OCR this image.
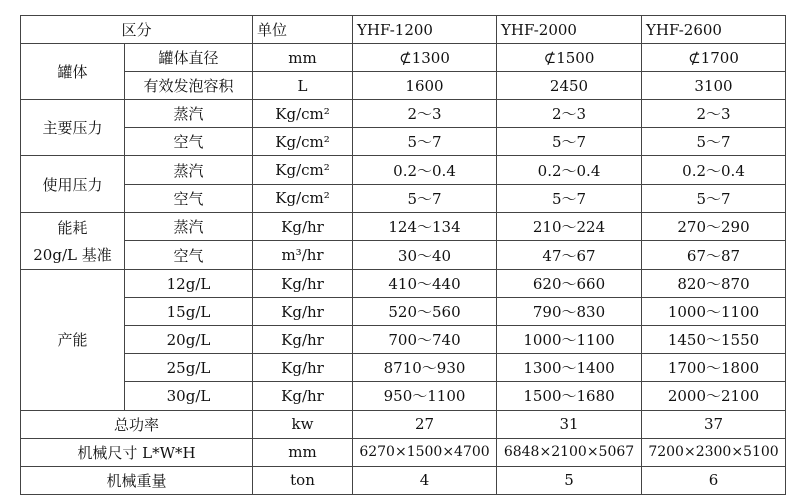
区分		单位	YHF-1200	YHF-2000	YHF-2600
罐体	罐体直径	mm	⊄1300	⊄1500	⊄1700
	有效发泡容积	L	1600	2450	3100
主要压力	蒸汽	Kg/cm²	2～3	2～3	2～3
	空气	Kg/cm²	5～7	5～7	5～7
使用压力	蒸汽	Kg/cm²	0.2～0.4	0.2～0.4	0.2～0.4
	空气	Kg/cm²	5～7	5～7	5～7

能耗
20g/L 基准	蒸汽	Kg/hr	124～134	210～224	270～290
	空气	m³/hr	30～40	47～67	67～87
产能	12g/L	Kg/hr	410～440	620～660	820～870
	15g/L	Kg/hr	520～560	790～830	1000～1100
	20g/L	Kg/hr	700～740	1000～1100	1450～1550
	25g/L	Kg/hr	8710～930	1300～1400	1700～1800
	30g/L	Kg/hr	950～1100	1500～1680	2000～2100
总功率		kw	27	31	37
机械尺寸 L*W*H		mm	6270×1500×4700	6848×2100×5067	7200×2300×5100
机械重量		ton	4	5	6
